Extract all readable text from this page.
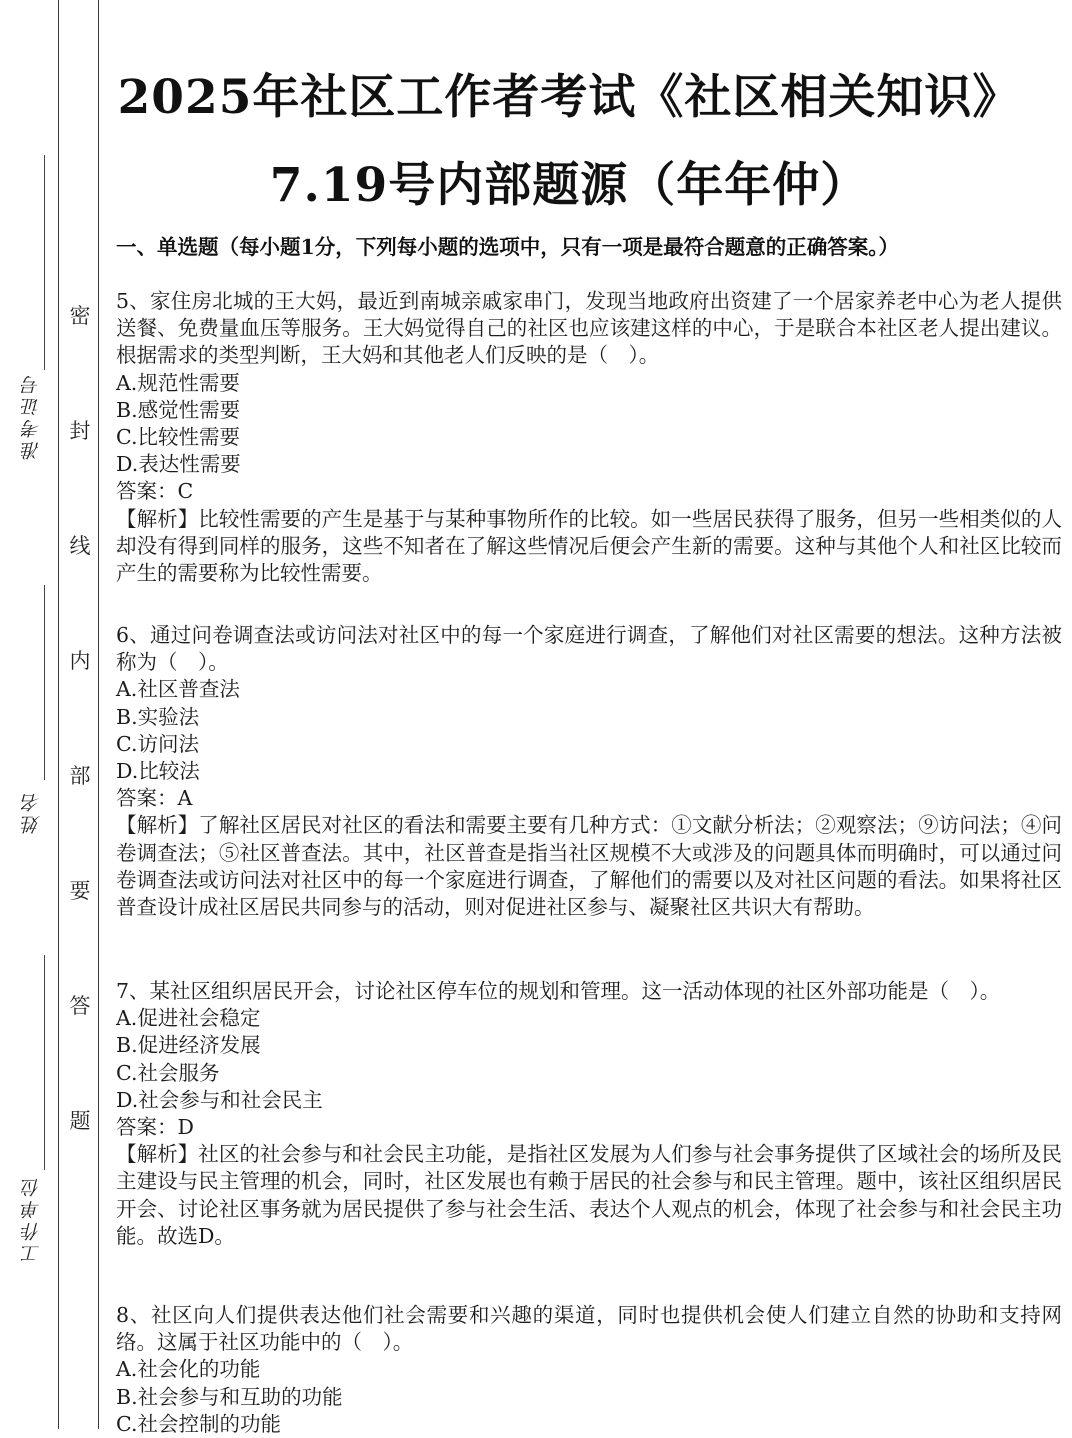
准考证号
姓名
工作单位
密
封
线
内
部
要
答
题
2025年社区工作者考试《社区相关知识》
7.19号内部题源（年年仲）
一、单选题（每小题1分，下列每小题的选项中，只有一项是最符合题意的正确答案。）

5、家住房北城的王大妈，最近到南城亲戚家串门，发现当地政府出资建了一个居家养老中心为老人提供送餐、免费量血压等服务。王大妈觉得自己的社区也应该建这样的中心，于是联合本社区老人提出建议。根据需求的类型判断，王大妈和其他老人们反映的是（　）。

A.规范性需要

B.感觉性需要

C.比较性需要

D.表达性需要

答案：C

【解析】比较性需要的产生是基于与某种事物所作的比较。如一些居民获得了服务，但另一些相类似的人却没有得到同样的服务，这些不知者在了解这些情况后便会产生新的需要。这种与其他个人和社区比较而产生的需要称为比较性需要。

6、通过问卷调查法或访问法对社区中的每一个家庭进行调查，了解他们对社区需要的想法。这种方法被称为（　）。

A.社区普查法

B.实验法

C.访问法

D.比较法

答案：A

【解析】了解社区居民对社区的看法和需要主要有几种方式：①文献分析法；②观察法；⑨访问法；④问卷调查法；⑤社区普查法。其中，社区普查是指当社区规模不大或涉及的问题具体而明确时，可以通过问卷调查法或访问法对社区中的每一个家庭进行调查，了解他们的需要以及对社区问题的看法。如果将社区普查设计成社区居民共同参与的活动，则对促进社区参与、凝聚社区共识大有帮助。

7、某社区组织居民开会，讨论社区停车位的规划和管理。这一活动体现的社区外部功能是（　）。

A.促进社会稳定

B.促进经济发展

C.社会服务

D.社会参与和社会民主

答案：D

【解析】社区的社会参与和社会民主功能，是指社区发展为人们参与社会事务提供了区域社会的场所及民主建设与民主管理的机会，同时，社区发展也有赖于居民的社会参与和民主管理。题中，该社区组织居民开会、讨论社区事务就为居民提供了参与社会生活、表达个人观点的机会，体现了社会参与和社会民主功能。故选D。

8、社区向人们提供表达他们社会需要和兴趣的渠道，同时也提供机会使人们建立自然的协助和支持网络。这属于社区功能中的（　）。

A.社会化的功能

B.社会参与和互助的功能

C.社会控制的功能
